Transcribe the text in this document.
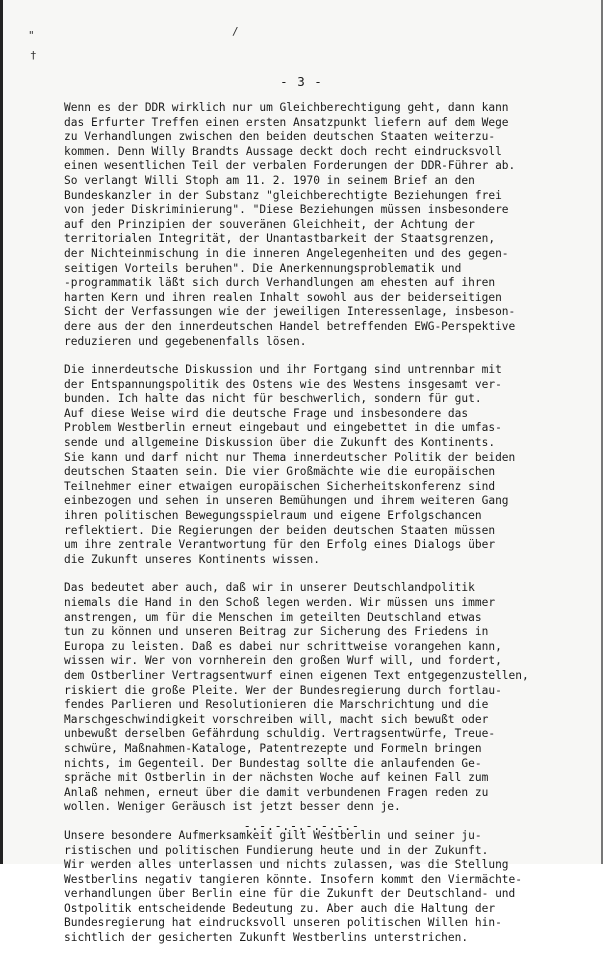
"	/
†
- 3 -

Wenn es der DDR wirklich nur um Gleichberechtigung geht, dann kann
das Erfurter Treffen einen ersten Ansatzpunkt liefern auf dem Wege
zu Verhandlungen zwischen den beiden deutschen Staaten weiterzu-
kommen. Denn Willy Brandts Aussage deckt doch recht eindrucksvoll
einen wesentlichen Teil der verbalen Forderungen der DDR-Führer ab.
So verlangt Willi Stoph am 11. 2. 1970 in seinem Brief an den
Bundeskanzler in der Substanz "gleichberechtigte Beziehungen frei
von jeder Diskriminierung". "Diese Beziehungen müssen insbesondere
auf den Prinzipien der souveränen Gleichheit, der Achtung der
territorialen Integrität, der Unantastbarkeit der Staatsgrenzen,
der Nichteinmischung in die inneren Angelegenheiten und des gegen-
seitigen Vorteils beruhen". Die Anerkennungsproblematik und
-programmatik läßt sich durch Verhandlungen am ehesten auf ihren
harten Kern und ihren realen Inhalt sowohl aus der beiderseitigen
Sicht der Verfassungen wie der jeweiligen Interessenlage, insbeson-
dere aus der den innerdeutschen Handel betreffenden EWG-Perspektive
reduzieren und gegebenenfalls lösen.

Die innerdeutsche Diskussion und ihr Fortgang sind untrennbar mit
der Entspannungspolitik des Ostens wie des Westens insgesamt ver-
bunden. Ich halte das nicht für beschwerlich, sondern für gut.
Auf diese Weise wird die deutsche Frage und insbesondere das
Problem Westberlin erneut eingebaut und eingebettet in die umfas-
sende und allgemeine Diskussion über die Zukunft des Kontinents.
Sie kann und darf nicht nur Thema innerdeutscher Politik der beiden
deutschen Staaten sein. Die vier Großmächte wie die europäischen
Teilnehmer einer etwaigen europäischen Sicherheitskonferenz sind
einbezogen und sehen in unseren Bemühungen und ihrem weiteren Gang
ihren politischen Bewegungsspielraum und eigene Erfolgschancen
reflektiert. Die Regierungen der beiden deutschen Staaten müssen
um ihre zentrale Verantwortung für den Erfolg eines Dialogs über
die Zukunft unseres Kontinents wissen.

Das bedeutet aber auch, daß wir in unserer Deutschlandpolitik
niemals die Hand in den Schoß legen werden. Wir müssen uns immer
anstrengen, um für die Menschen im geteilten Deutschland etwas
tun zu können und unseren Beitrag zur Sicherung des Friedens in
Europa zu leisten. Daß es dabei nur schrittweise vorangehen kann,
wissen wir. Wer von vornherein den großen Wurf will, und fordert,
dem Ostberliner Vertragsentwurf einen eigenen Text entgegenzustellen,
riskiert die große Pleite. Wer der Bundesregierung durch fortlau-
fendes Parlieren und Resolutionieren die Marschrichtung und die
Marschgeschwindigkeit vorschreiben will, macht sich bewußt oder
unbewußt derselben Gefährdung schuldig. Vertragsentwürfe, Treue-
schwüre, Maßnahmen-Kataloge, Patentrezepte und Formeln bringen
nichts, im Gegenteil. Der Bundestag sollte die anlaufenden Ge-
spräche mit Ostberlin in der nächsten Woche auf keinen Fall zum
Anlaß nehmen, erneut über die damit verbundenen Fragen reden zu
wollen. Weniger Geräusch ist jetzt besser denn je.

Unsere besondere Aufmerksamkeit gilt Westberlin und seiner ju-
ristischen und politischen Fundierung heute und in der Zukunft.
Wir werden alles unterlassen und nichts zulassen, was die Stellung
Westberlins negativ tangieren könnte. Insofern kommt den Viermächte-
verhandlungen über Berlin eine für die Zukunft der Deutschland- und
Ostpolitik entscheidende Bedeutung zu. Aber auch die Haltung der
Bundesregierung hat eindrucksvoll unseren politischen Willen hin-
sichtlich der gesicherten Zukunft Westberlins unterstrichen.

-.-.-.-.-.-.-.-
